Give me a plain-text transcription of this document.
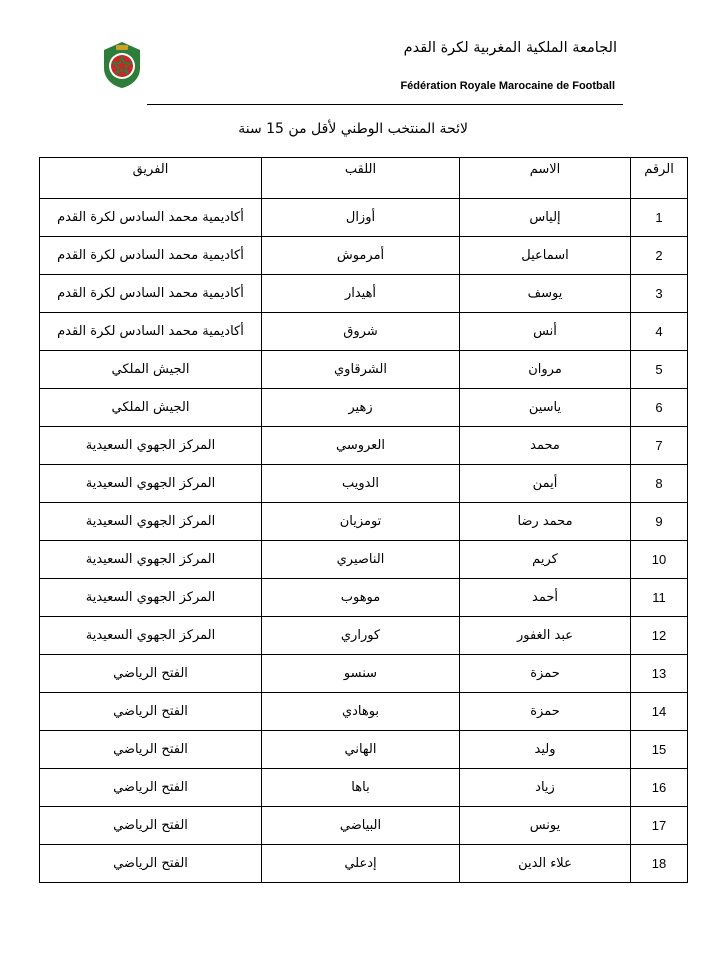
الجامعة الملكية المغربية لكرة القدم
Fédération Royale Marocaine de Football
لائحة المنتخب الوطني لأقل من 15 سنة
الرقم	الاسم	اللقب	الفريق
1	إلياس	أوزال	أكاديمية محمد السادس لكرة القدم
2	اسماعيل	أمرموش	أكاديمية محمد السادس لكرة القدم
3	يوسف	أهيدار	أكاديمية محمد السادس لكرة القدم
4	أنس	شروق	أكاديمية محمد السادس لكرة القدم
5	مروان	الشرقاوي	الجيش الملكي
6	ياسين	زهير	الجيش الملكي
7	محمد	العروسي	المركز الجهوي السعيدية
8	أيمن	الدويب	المركز الجهوي السعيدية
9	محمد رضا	تومزيان	المركز الجهوي السعيدية
10	كريم	الناصيري	المركز الجهوي السعيدية
11	أحمد	موهوب	المركز الجهوي السعيدية
12	عبد الغفور	كوراري	المركز الجهوي السعيدية
13	حمزة	سنسو	الفتح الرياضي
14	حمزة	بوهادي	الفتح الرياضي
15	وليد	الهاني	الفتح الرياضي
16	زياد	باها	الفتح الرياضي
17	يونس	البياضي	الفتح الرياضي
18	علاء الدين	إدعلي	الفتح الرياضي
